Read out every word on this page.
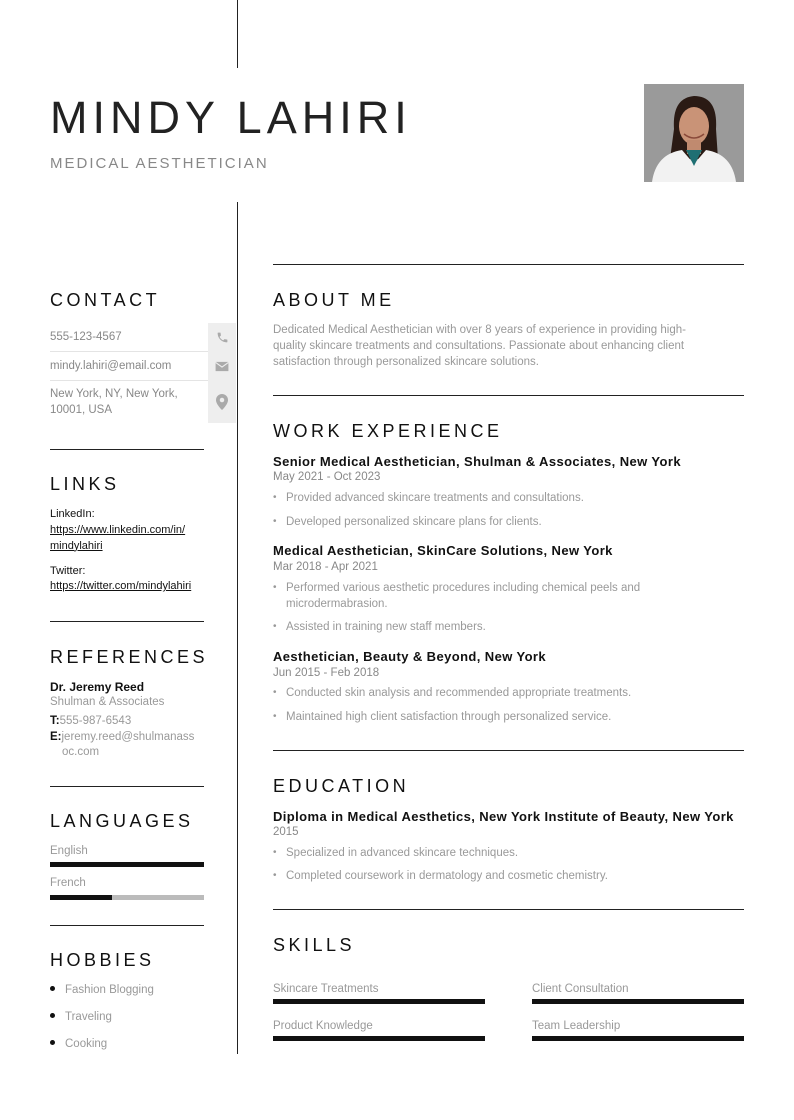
MINDY LAHIRI
MEDICAL AESTHETICIAN
CONTACT
555-123-4567
mindy.lahiri@email.com
New York, NY, New York,
10001, USA
LINKS
LinkedIn:
https://www.linkedin.com/in/
mindylahiri
Twitter:
https://twitter.com/mindylahiri
REFERENCES
Dr. Jeremy Reed
Shulman & Associates
T:555-987-6543
E:jeremy.reed@shulmanass
oc.com
LANGUAGES
English
French
HOBBIES
Fashion Blogging
Traveling
Cooking
ABOUT ME
Dedicated Medical Aesthetician with over 8 years of experience in providing high-
quality skincare treatments and consultations. Passionate about enhancing client
satisfaction through personalized skincare solutions.
WORK EXPERIENCE
Senior Medical Aesthetician, Shulman & Associates, New York
May 2021 - Oct 2023
• Provided advanced skincare treatments and consultations.
• Developed personalized skincare plans for clients.
Medical Aesthetician, SkinCare Solutions, New York
Mar 2018 - Apr 2021
• Performed various aesthetic procedures including chemical peels and
microdermabrasion.
• Assisted in training new staff members.
Aesthetician, Beauty & Beyond, New York
Jun 2015 - Feb 2018
• Conducted skin analysis and recommended appropriate treatments.
• Maintained high client satisfaction through personalized service.
EDUCATION
Diploma in Medical Aesthetics, New York Institute of Beauty, New York
2015
• Specialized in advanced skincare techniques.
• Completed coursework in dermatology and cosmetic chemistry.
SKILLS
Skincare Treatments	Client Consultation
Product Knowledge	Team Leadership
